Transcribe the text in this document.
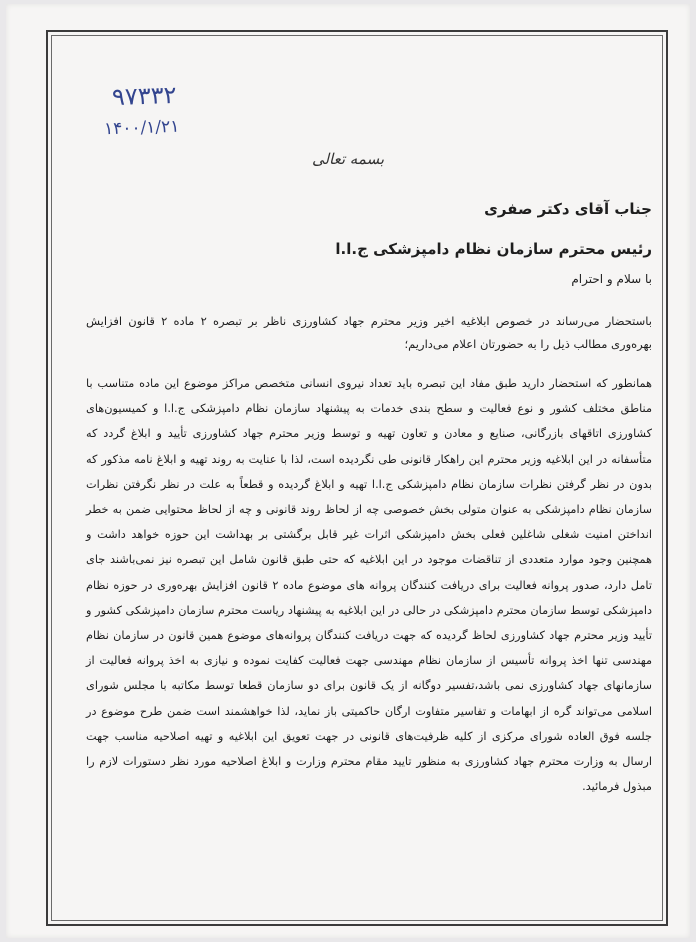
۹۷۳۳۲
۱۴۰۰/۱/۲۱
بسمه تعالی
جناب آقای دکتر صفری
رئیس محترم سازمان نظام دامپزشکی ج.ا.ا
با سلام و احترام

باستحضار می‌رساند در خصوص ابلاغیه اخیر وزیر محترم جهاد کشاورزی ناظر بر تبصره ۲ ماده ۲ قانون افزایش بهره‌وری مطالب ذیل را به حضورتان اعلام می‌داریم؛

همانطور که استحضار دارید طبق مفاد این تبصره باید تعداد نیروی انسانی متخصص مراکز موضوع این ماده متناسب با مناطق مختلف کشور و نوع فعالیت و سطح بندی خدمات به پیشنهاد سازمان نظام دامپزشکی ج.ا.ا و کمیسیون‌های کشاورزی اتاقهای بازرگانی، صنایع و معادن و تعاون تهیه و توسط وزیر محترم جهاد کشاورزی تأیید و ابلاغ گردد که متأسفانه در این ابلاغیه وزیر محترم این راهکار قانونی طی نگردیده است، لذا با عنایت به روند تهیه و ابلاغ نامه مذکور که بدون در نظر گرفتن نظرات سازمان نظام دامپزشکی ج.ا.ا تهیه و ابلاغ گردیده و قطعاً به علت در نظر نگرفتن نظرات سازمان نظام دامپزشکی به عنوان متولی بخش خصوصی چه از لحاظ روند قانونی و چه از لحاظ محتوایی ضمن به خطر انداختن امنیت شغلی شاغلین فعلی بخش دامپزشکی اثرات غیر قابل برگشتی بر بهداشت این حوزه خواهد داشت و همچنین وجود موارد متعددی از تناقضات موجود در این ابلاغیه که حتی طبق قانون شامل این تبصره نیز نمی‌باشند جای تامل دارد، صدور پروانه فعالیت برای دریافت کنندگان پروانه های موضوع ماده ۲ قانون افزایش بهره‌وری در حوزه نظام دامپزشکی توسط سازمان محترم دامپزشکی در حالی در این ابلاغیه به پیشنهاد ریاست محترم سازمان دامپزشکی کشور و تأیید وزیر محترم جهاد کشاورزی لحاظ گردیده که جهت دریافت کنندگان پروانه‌های موضوع همین قانون در سازمان نظام مهندسی تنها اخذ پروانه تأسیس از سازمان نظام مهندسی جهت فعالیت کفایت نموده و نیازی به اخذ پروانه فعالیت از سازمانهای جهاد کشاورزی نمی باشد،تفسیر دوگانه از یک قانون برای دو سازمان قطعا توسط مکاتبه با مجلس شورای اسلامی می‌تواند گره از ابهامات و تفاسیر متفاوت ارگان حاکمیتی باز نماید، لذا خواهشمند است ضمن طرح موضوع در جلسه فوق العاده شورای مرکزی از کلیه ظرفیت‌های قانونی در جهت تعویق این ابلاغیه و تهیه اصلاحیه مناسب جهت ارسال به وزارت محترم جهاد کشاورزی به منظور تایید مقام محترم وزارت و ابلاغ اصلاحیه مورد نظر دستورات لازم را مبذول فرمائید.
